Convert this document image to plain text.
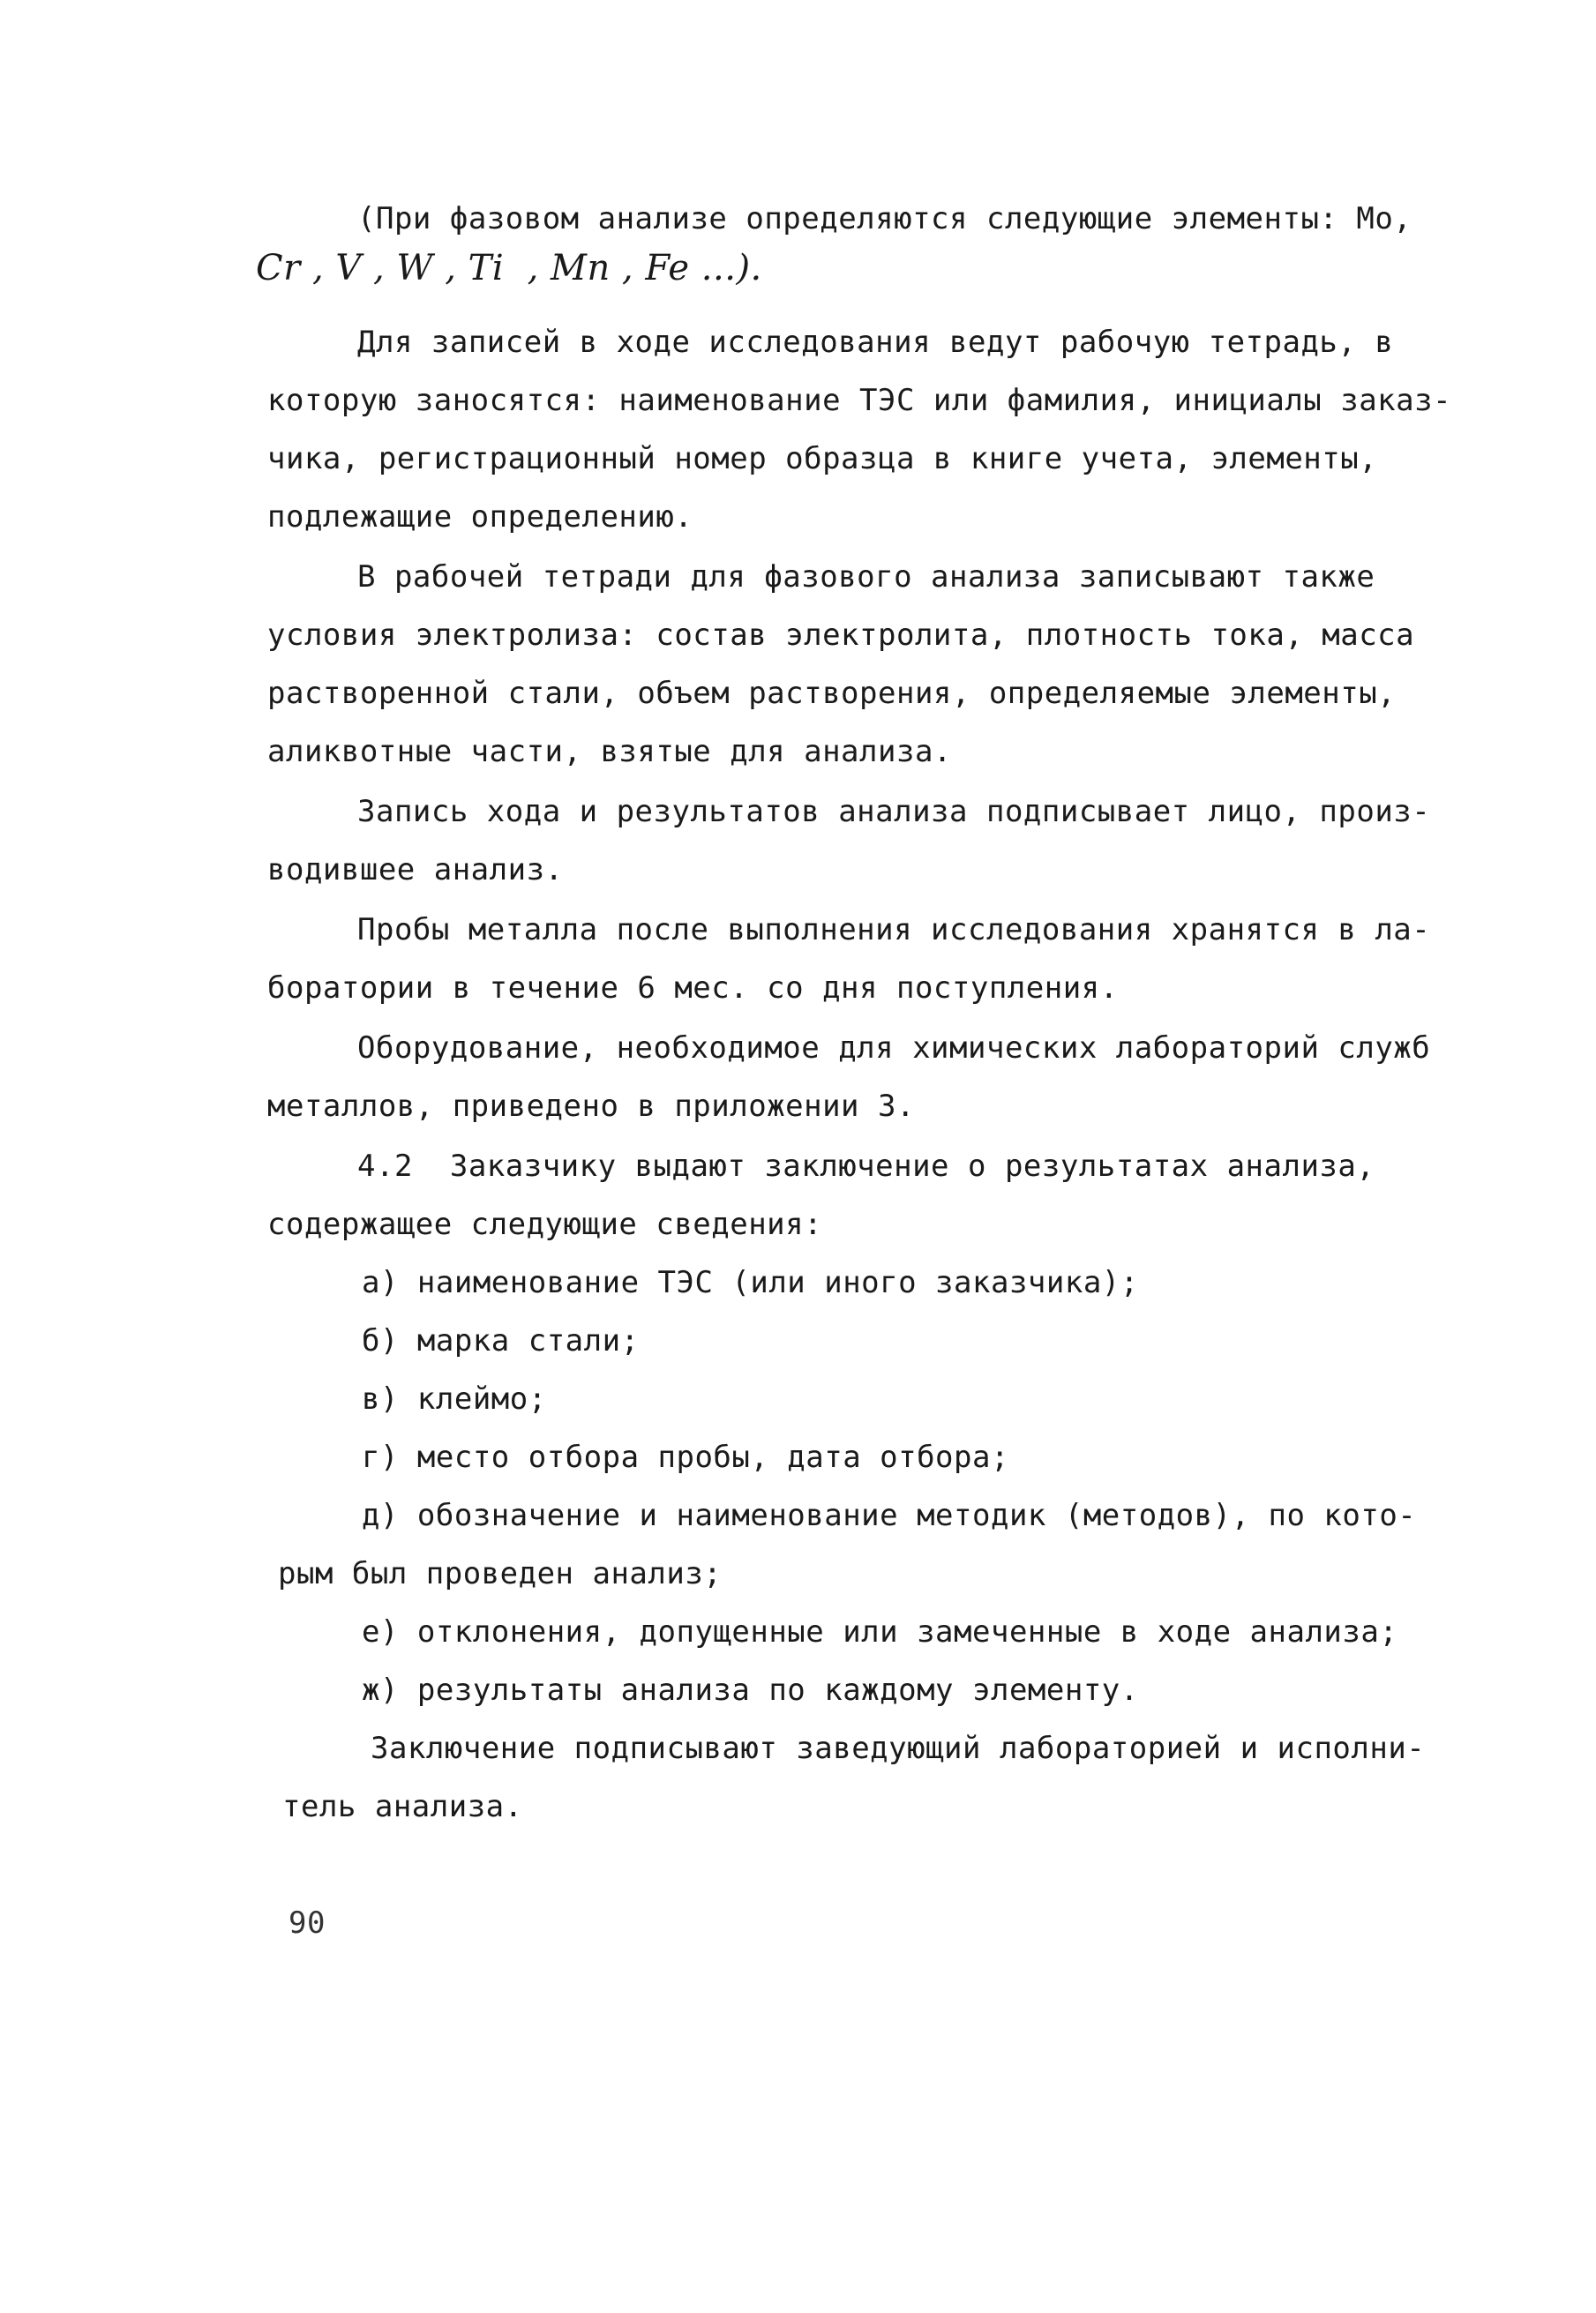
(При фазовом анализе определяются следующие элементы: Mo,
Cr , V , W , Ti  , Mn , Fe ...).
Для записей в ходе исследования ведут рабочую тетрадь, в
которую заносятся: наименование ТЭС или фамилия, инициалы заказ-
чика, регистрационный номер образца в книге учета, элементы,
подлежащие определению.
В рабочей тетради для фазового анализа записывают также
условия электролиза: состав электролита, плотность тока, масса
растворенной стали, объем растворения, определяемые элементы,
аликвотные части, взятые для анализа.
Запись хода и результатов анализа подписывает лицо, произ-
водившее анализ.
Пробы металла после выполнения исследования хранятся в ла-
боратории в течение 6 мес. со дня поступления.
Оборудование, необходимое для химических лабораторий служб
металлов, приведено в приложении 3.
4.2  Заказчику выдают заключение о результатах анализа,
содержащее следующие сведения:
а) наименование ТЭС (или иного заказчика);
б) марка стали;
в) клеймо;
г) место отбора пробы, дата отбора;
д) обозначение и наименование методик (методов), по кото-
рым был проведен анализ;
е) отклонения, допущенные или замеченные в ходе анализа;
ж) результаты анализа по каждому элементу.
Заключение подписывают заведующий лабораторией и исполни-
тель анализа.
90
